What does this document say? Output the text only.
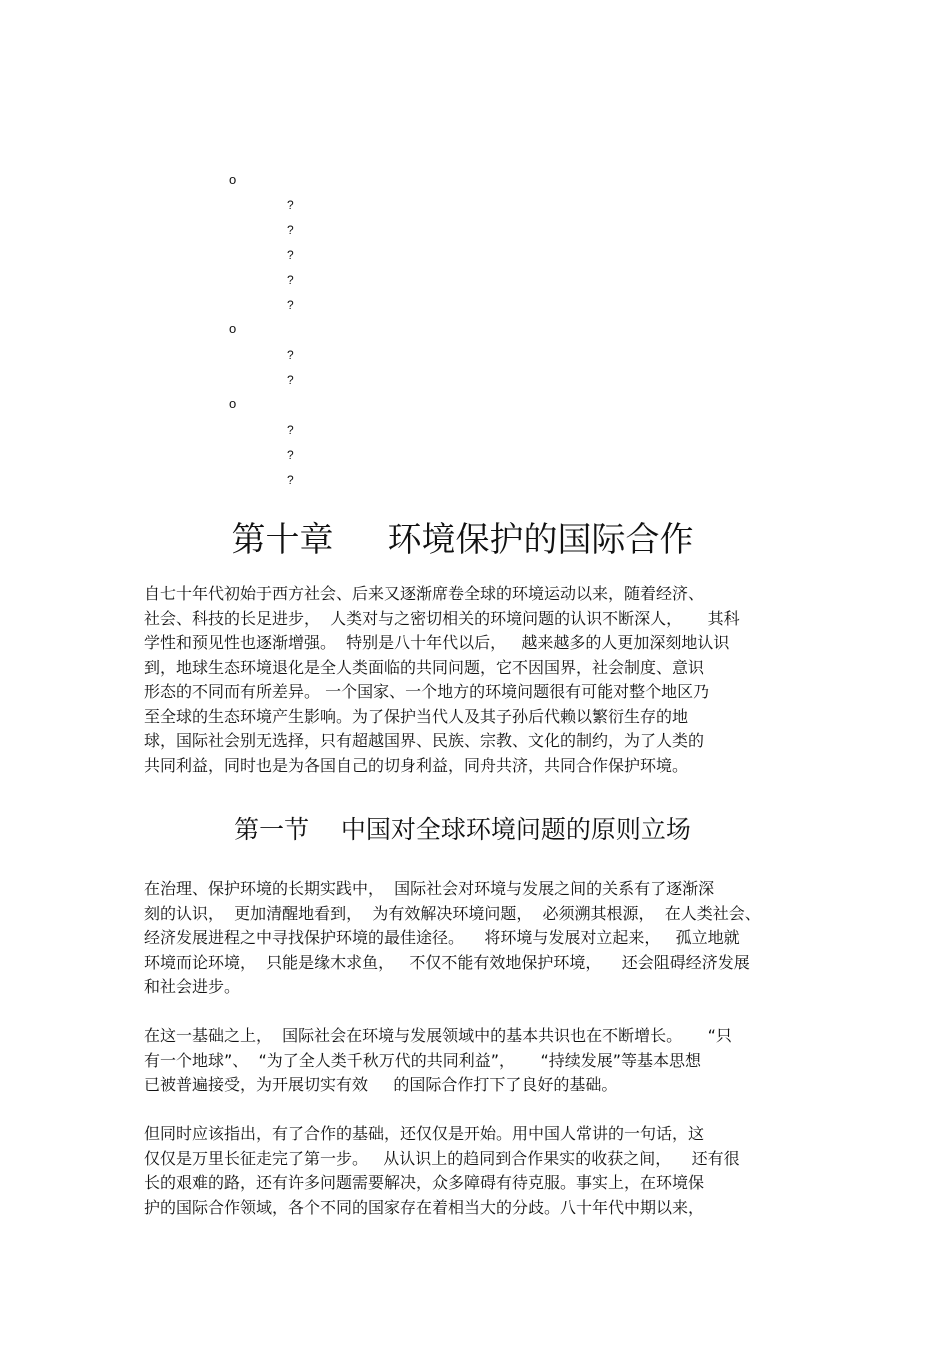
o
?
?
?
?
?
o
?
?
o
?
?
?
第十章     环境保护的国际合作
自七十年代初始于西方社会、后来又逐渐席卷全球的环境运动以来，随着经济、
社会、科技的长足进步，  人类对与之密切相关的环境问题的认识不断深人，     其科
学性和预见性也逐渐增强。  特别是八十年代以后，   越来越多的人更加深刻地认识
到，地球生态环境退化是全人类面临的共同问题，它不因国界，社会制度、意识
形态的不同而有所差异。 一个国家、一个地方的环境问题很有可能对整个地区乃
至全球的生态环境产生影响。为了保护当代人及其子孙后代赖以繁衍生存的地
球，国际社会别无选择，只有超越国界、民族、宗教、文化的制约，为了人类的
共同利益，同时也是为各国自己的切身利益，同舟共济，共同合作保护环境。
第一节    中国对全球环境问题的原则立场
在治理、保护环境的长期实践中，  国际社会对环境与发展之间的关系有了逐渐深
刻的认识，  更加清醒地看到，  为有效解决环境问题，  必须溯其根源，  在人类社会、
经济发展进程之中寻找保护环境的最佳途径。    将环境与发展对立起来，   孤立地就
环境而论环境，  只能是缘木求鱼，   不仅不能有效地保护环境，    还会阻碍经济发展
和社会进步。
在这一基础之上，  国际社会在环境与发展领域中的基本共识也在不断增长。     “只
有一个地球”、  “为了全人类千秋万代的共同利益”，     “持续发展”等基本思想
已被普遍接受，为开展切实有效     的国际合作打下了良好的基础。
但同时应该指出，有了合作的基础，还仅仅是开始。用中国人常讲的一句话，这
仅仅是万里长征走完了第一步。   从认识上的趋同到合作果实的收获之间，    还有很
长的艰难的路，还有许多问题需要解决，众多障碍有待克服。事实上，在环境保
护的国际合作领域，各个不同的国家存在着相当大的分歧。八十年代中期以来，
